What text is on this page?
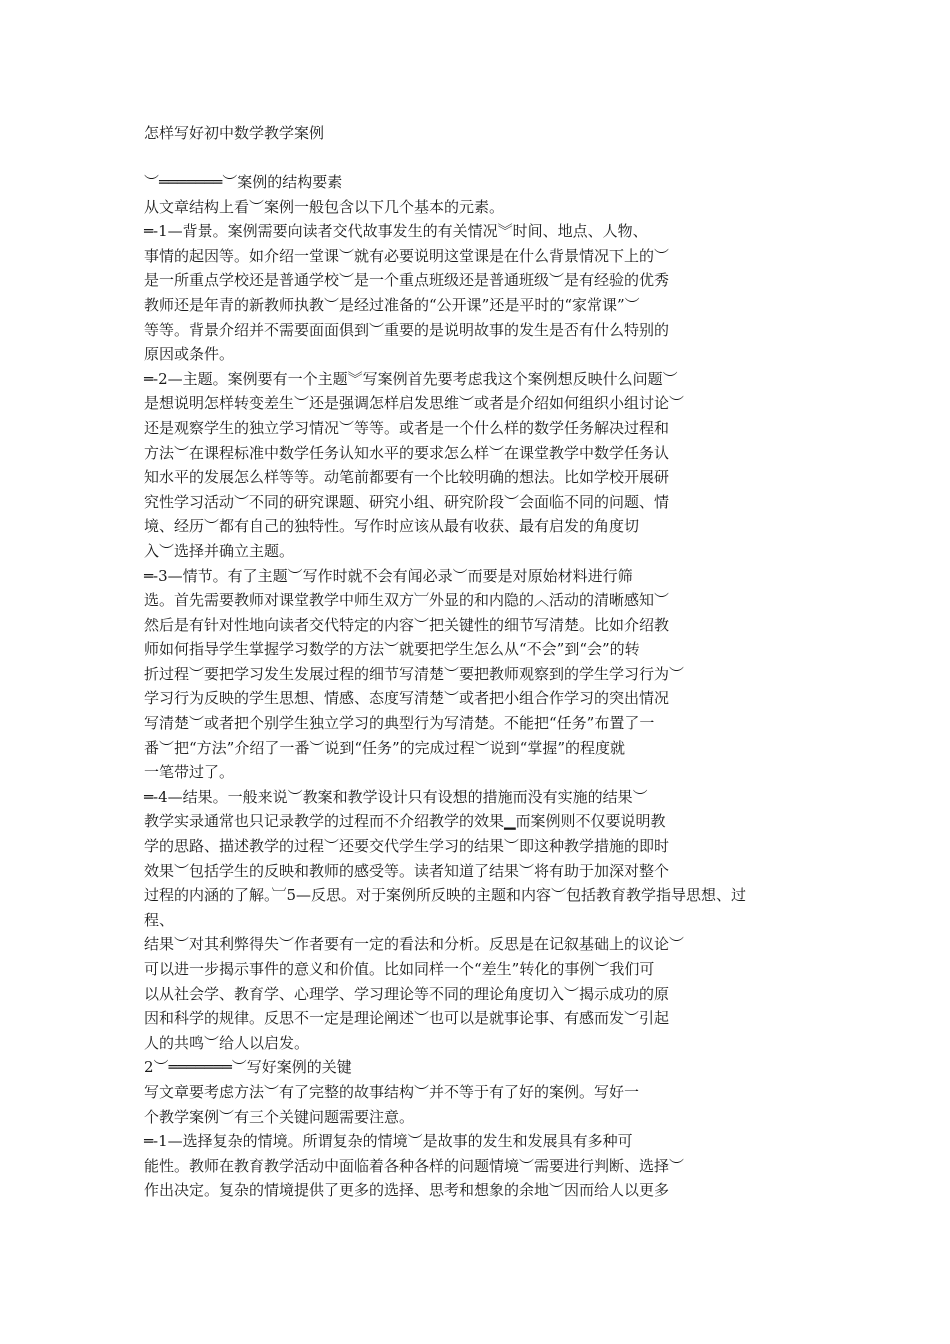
怎样写好初中数学教学案例
︶═══════︶案例的结构要素
从文章结构上看︶案例一般包含以下几个基本的元素。
═-1—背景。案例需要向读者交代故事发生的有关情况︾时间、地点、人物、
事情的起因等。如介绍一堂课︶就有必要说明这堂课是在什么背景情况下上的︶
是一所重点学校还是普通学校︶是一个重点班级还是普通班级︶是有经验的优秀
教师还是年青的新教师执教︶是经过准备的“公开课”还是平时的“家常课”︶
等等。背景介绍并不需要面面俱到︶重要的是说明故事的发生是否有什么特别的
原因或条件。
═-2—主题。案例要有一个主题︾写案例首先要考虑我这个案例想反映什么问题︶
是想说明怎样转变差生︶还是强调怎样启发思维︶或者是介绍如何组织小组讨论︶
还是观察学生的独立学习情况︶等等。或者是一个什么样的数学任务解决过程和
方法︶在课程标准中数学任务认知水平的要求怎么样︶在课堂教学中数学任务认
知水平的发展怎么样等等。动笔前都要有一个比较明确的想法。比如学校开展研
究性学习活动︶不同的研究课题、研究小组、研究阶段︶会面临不同的问题、情
境、经历︶都有自己的独特性。写作时应该从最有收获、最有启发的角度切
入︶选择并确立主题。
═-3—情节。有了主题︶写作时就不会有闻必录︶而要是对原始材料进行筛
选。首先需要教师对课堂教学中师生双方︺外显的和内隐的︿活动的清晰感知︶
然后是有针对性地向读者交代特定的内容︶把关键性的细节写清楚。比如介绍教
师如何指导学生掌握学习数学的方法︶就要把学生怎么从“不会”到“会”的转
折过程︶要把学习发生发展过程的细节写清楚︶要把教师观察到的学生学习行为︶
学习行为反映的学生思想、情感、态度写清楚︶或者把小组合作学习的突出情况
写清楚︶或者把个别学生独立学习的典型行为写清楚。不能把“任务”布置了一
番︶把“方法”介绍了一番︶说到“任务”的完成过程︶说到“掌握”的程度就
一笔带过了。
═-4—结果。一般来说︶教案和教学设计只有设想的措施而没有实施的结果︶
教学实录通常也只记录教学的过程而不介绍教学的效果▁而案例则不仅要说明教
学的思路、描述教学的过程︶还要交代学生学习的结果︶即这种教学措施的即时
效果︶包括学生的反映和教师的感受等。读者知道了结果︶将有助于加深对整个
过程的内涵的了解。︺5—反思。对于案例所反映的主题和内容︶包括教育教学指导思想、过
程、
结果︶对其利弊得失︶作者要有一定的看法和分析。反思是在记叙基础上的议论︶
可以进一步揭示事件的意义和价值。比如同样一个“差生”转化的事例︶我们可
以从社会学、教育学、心理学、学习理论等不同的理论角度切入︶揭示成功的原
因和科学的规律。反思不一定是理论阐述︶也可以是就事论事、有感而发︶引起
人的共鸣︶给人以启发。
2︶═══════︶写好案例的关键
写文章要考虑方法︶有了完整的故事结构︶并不等于有了好的案例。写好一
个教学案例︶有三个关键问题需要注意。
═-1—选择复杂的情境。所谓复杂的情境︶是故事的发生和发展具有多种可
能性。教师在教育教学活动中面临着各种各样的问题情境︶需要进行判断、选择︶
作出决定。复杂的情境提供了更多的选择、思考和想象的余地︶因而给人以更多
